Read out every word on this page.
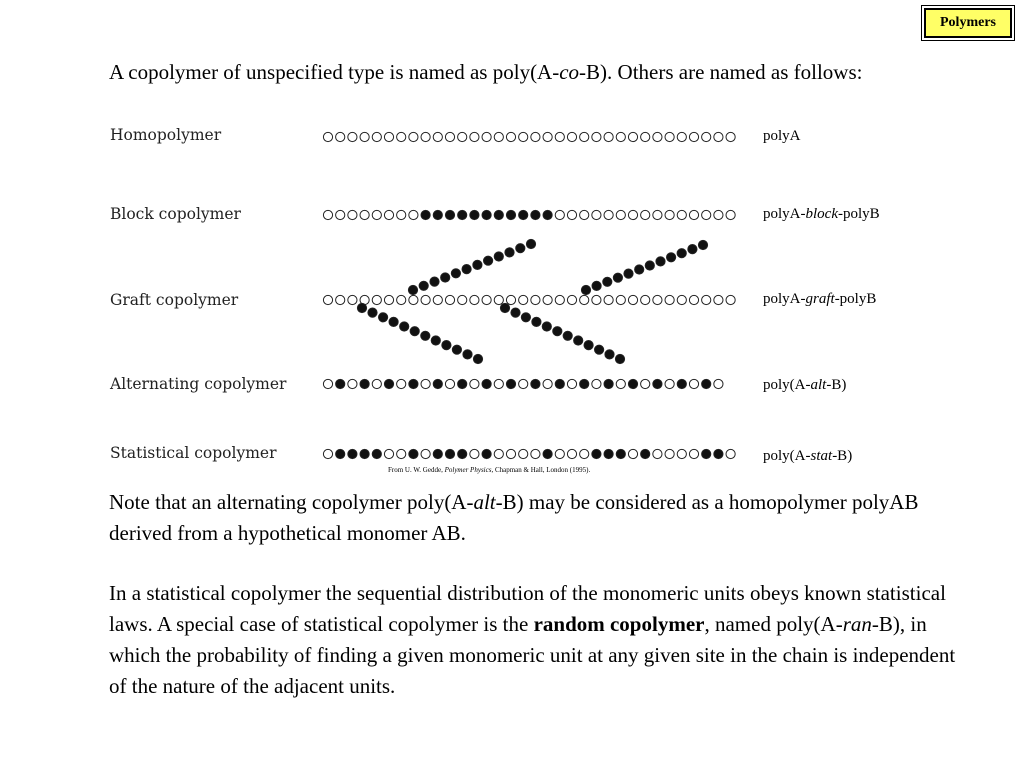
Polymers

A copolymer of unspecified type is named as poly(A-co-B). Others are named as follows:

Homopolymer
Block copolymer
Graft copolymer
Alternating copolymer
Statistical copolymer
polyA
polyA-block-polyB
polyA-graft-polyB
poly(A-alt-B)
poly(A-stat-B)
From U. W. Gedde, Polymer Physics, Chapman & Hall, London (1995).

Note that an alternating copolymer poly(A-alt-B) may be considered as a homopolymer polyAB derived from a hypothetical monomer AB.

In a statistical copolymer the sequential distribution of the monomeric units obeys known statistical laws. A special case of statistical copolymer is the random copolymer, named poly(A-ran-B), in which the probability of finding a given monomeric unit at any given site in the chain is independent of the nature of the adjacent units.
